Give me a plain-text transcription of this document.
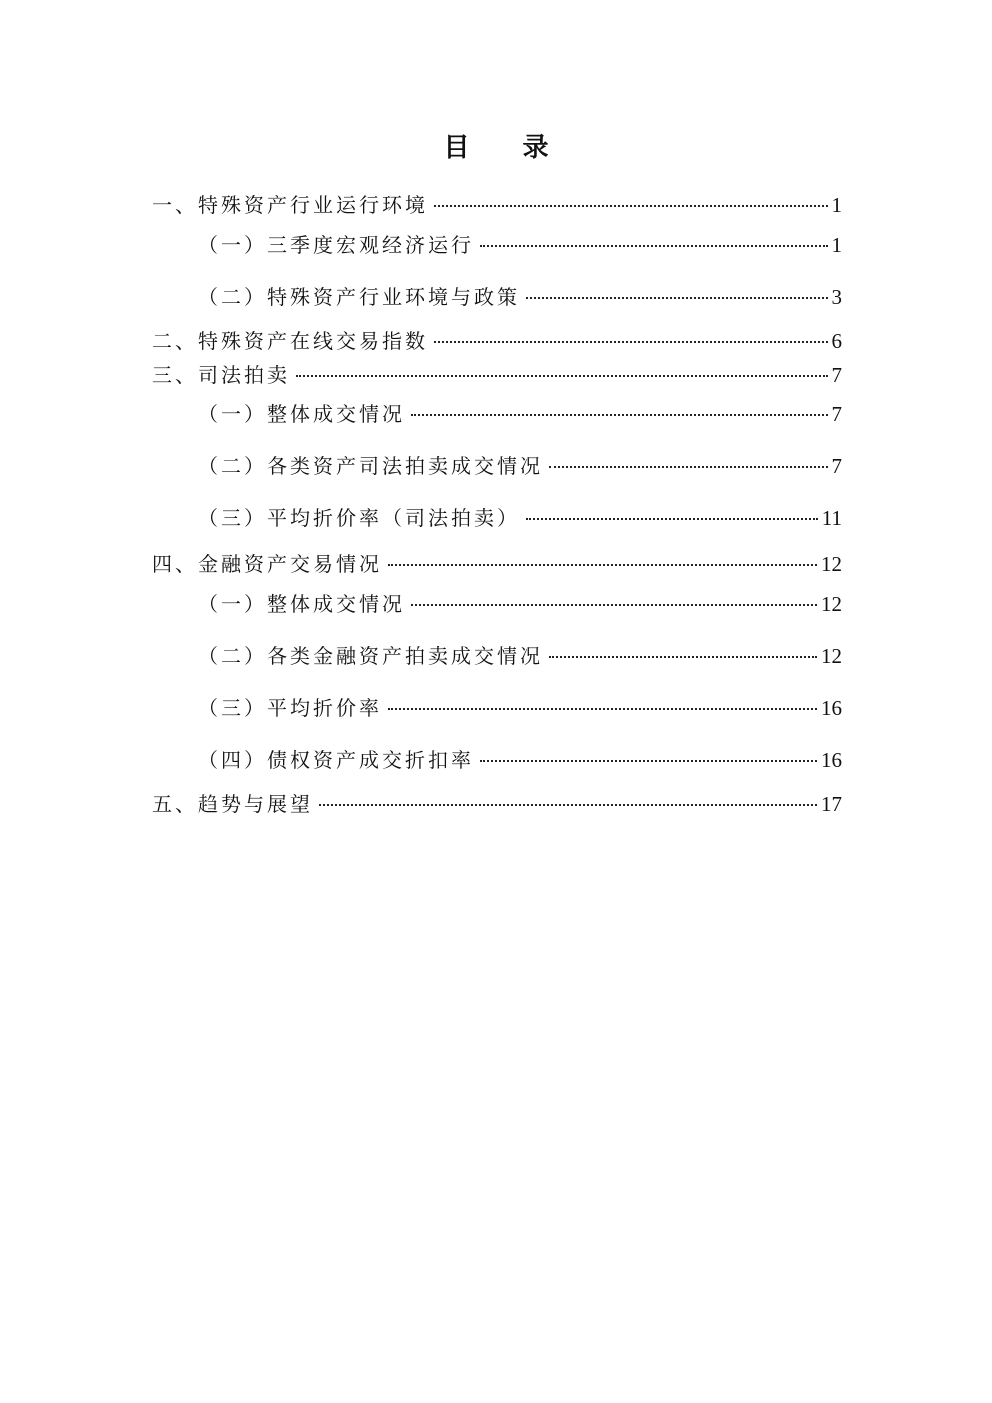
目 录
一、特殊资产行业运行环境	1
（一）三季度宏观经济运行	1
（二）特殊资产行业环境与政策	3
二、特殊资产在线交易指数	6
三、司法拍卖	7
（一）整体成交情况	7
（二）各类资产司法拍卖成交情况	7
（三）平均折价率（司法拍卖）	11
四、金融资产交易情况	12
（一）整体成交情况	12
（二）各类金融资产拍卖成交情况	12
（三）平均折价率	16
（四）债权资产成交折扣率	16
五、趋势与展望	17
